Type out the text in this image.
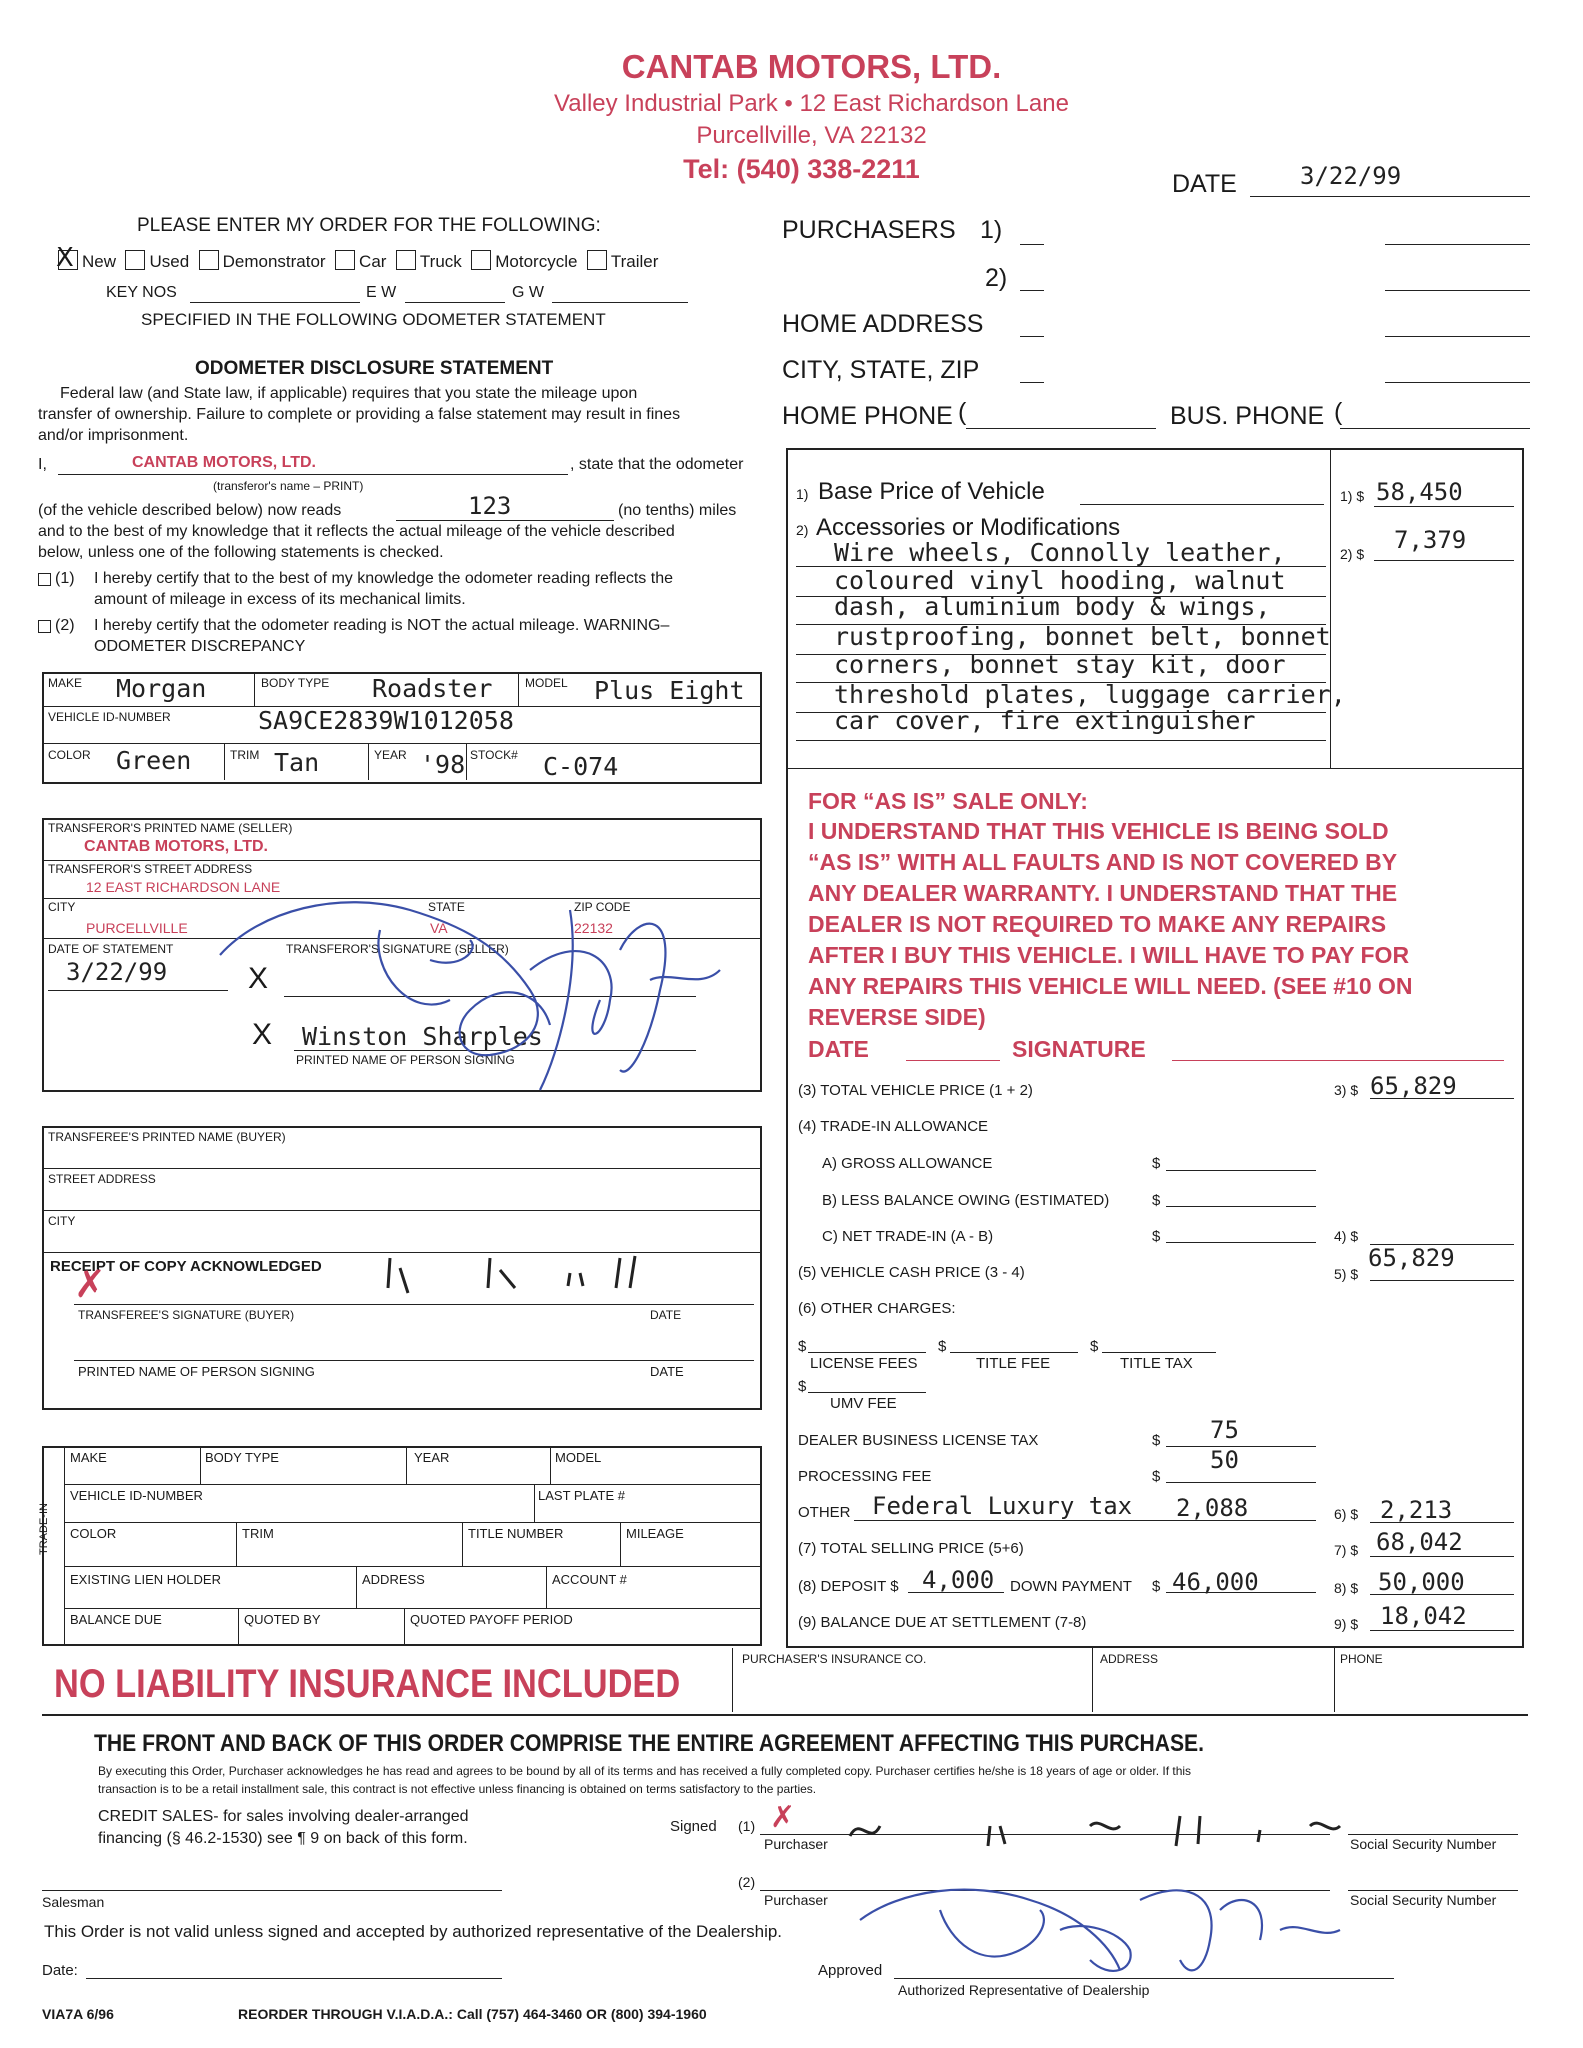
CANTAB MOTORS, LTD.
Valley Industrial Park • 12 East Richardson Lane
Purcellville, VA 22132
Tel: (540) 338-2211	DATE	3/22/99
PLEASE ENTER MY ORDER FOR THE FOLLOWING:
X New Used Demonstrator Car Truck Motorcycle Trailer
KEY NOS	E W	G W
SPECIFIED IN THE FOLLOWING ODOMETER STATEMENT
PURCHASERS 1)
2)
HOME ADDRESS
CITY, STATE, ZIP
HOME PHONE (	BUS. PHONE (
ODOMETER DISCLOSURE STATEMENT
Federal law (and State law, if applicable) requires that you state the mileage upon
transfer of ownership. Failure to complete or providing a false statement may result in fines
and/or imprisonment.
I,	CANTAB MOTORS, LTD.	, state that the odometer
(transferor's name – PRINT)
(of the vehicle described below) now reads	123	(no tenths) miles
and to the best of my knowledge that it reflects the actual mileage of the vehicle described
below, unless one of the following statements is checked.
(1) I hereby certify that to the best of my knowledge the odometer reading reflects the
amount of mileage in excess of its mechanical limits.
(2) I hereby certify that the odometer reading is NOT the actual mileage. WARNING–
ODOMETER DISCREPANCY
MAKE Morgan	BODY TYPE Roadster	MODEL Plus Eight
VEHICLE ID-NUMBER	SA9CE2839W1012058
COLOR Green	TRIM Tan	YEAR '98 STOCK# C-074
TRANSFEROR'S PRINTED NAME (SELLER)
CANTAB MOTORS, LTD.
TRANSFEROR'S STREET ADDRESS
12 EAST RICHARDSON LANE
CITY
PURCELLVILLE
STATE
VA
ZIP CODE
22132
DATE OF STATEMENT
3/22/99
TRANSFEROR'S SIGNATURE (SELLER)
X
X Winston Sharples
PRINTED NAME OF PERSON SIGNING
TRANSFEREE'S PRINTED NAME (BUYER)
STREET ADDRESS
CITY
RECEIPT OF COPY ACKNOWLEDGED
✗
TRANSFEREE'S SIGNATURE (BUYER)	DATE
PRINTED NAME OF PERSON SIGNING	DATE
TRADE-IN
MAKE	BODY TYPE	YEAR	MODEL
VEHICLE ID-NUMBER	LAST PLATE #
COLOR	TRIM	TITLE NUMBER	MILEAGE
EXISTING LIEN HOLDER	ADDRESS	ACCOUNT #
BALANCE DUE	QUOTED BY	QUOTED PAYOFF PERIOD
1) Base Price of Vehicle	1) $ 58,450
2) Accessories or Modifications
2) $ 7,379
Wire wheels, Connolly leather,
coloured vinyl hooding, walnut
dash, aluminium body & wings,
rustproofing, bonnet belt, bonnet
corners, bonnet stay kit, door
threshold plates, luggage carrier,
car cover, fire extinguisher
FOR “AS IS” SALE ONLY:
I UNDERSTAND THAT THIS VEHICLE IS BEING SOLD
“AS IS” WITH ALL FAULTS AND IS NOT COVERED BY
ANY DEALER WARRANTY. I UNDERSTAND THAT THE
DEALER IS NOT REQUIRED TO MAKE ANY REPAIRS
AFTER I BUY THIS VEHICLE. I WILL HAVE TO PAY FOR
ANY REPAIRS THIS VEHICLE WILL NEED. (SEE #10 ON
REVERSE SIDE)
DATE	SIGNATURE
(3) TOTAL VEHICLE PRICE (1 + 2)	3) $ 65,829
(4) TRADE-IN ALLOWANCE
A) GROSS ALLOWANCE	$
B) LESS BALANCE OWING (ESTIMATED)	$
C) NET TRADE-IN (A - B)	$	4) $
(5) VEHICLE CASH PRICE (3 - 4)	5) $
65,829
(6) OTHER CHARGES:
$
LICENSE FEES
$
TITLE FEE
$
TITLE TAX
$
UMV FEE
DEALER BUSINESS LICENSE TAX	$ 75
PROCESSING FEE	$
50
OTHER Federal Luxury tax 2,088	6) $ 2,213
(7) TOTAL SELLING PRICE (5+6)	7) $ 68,042
(8) DEPOSIT $ 4,000 DOWN PAYMENT $ 46,000	8) $ 50,000
(9) BALANCE DUE AT SETTLEMENT (7-8)	9) $ 18,042
NO LIABILITY INSURANCE INCLUDED
PURCHASER'S INSURANCE CO.	ADDRESS	PHONE
THE FRONT AND BACK OF THIS ORDER COMPRISE THE ENTIRE AGREEMENT AFFECTING THIS PURCHASE.
By executing this Order, Purchaser acknowledges he has read and agrees to be bound by all of its terms and has received a fully completed copy. Purchaser certifies he/she is 18 years of age or older. If this
transaction is to be a retail installment sale, this contract is not effective unless financing is obtained on terms satisfactory to the parties.
CREDIT SALES- for sales involving dealer-arranged
financing (§ 46.2-1530) see ¶ 9 on back of this form.
Signed (1) ✗
Purchaser	Social Security Number
(2)
Purchaser	Social Security Number
Salesman
This Order is not valid unless signed and accepted by authorized representative of the Dealership.
Date:	Approved
Authorized Representative of Dealership
VIA7A 6/96	REORDER THROUGH V.I.A.D.A.: Call (757) 464-3460 OR (800) 394-1960
